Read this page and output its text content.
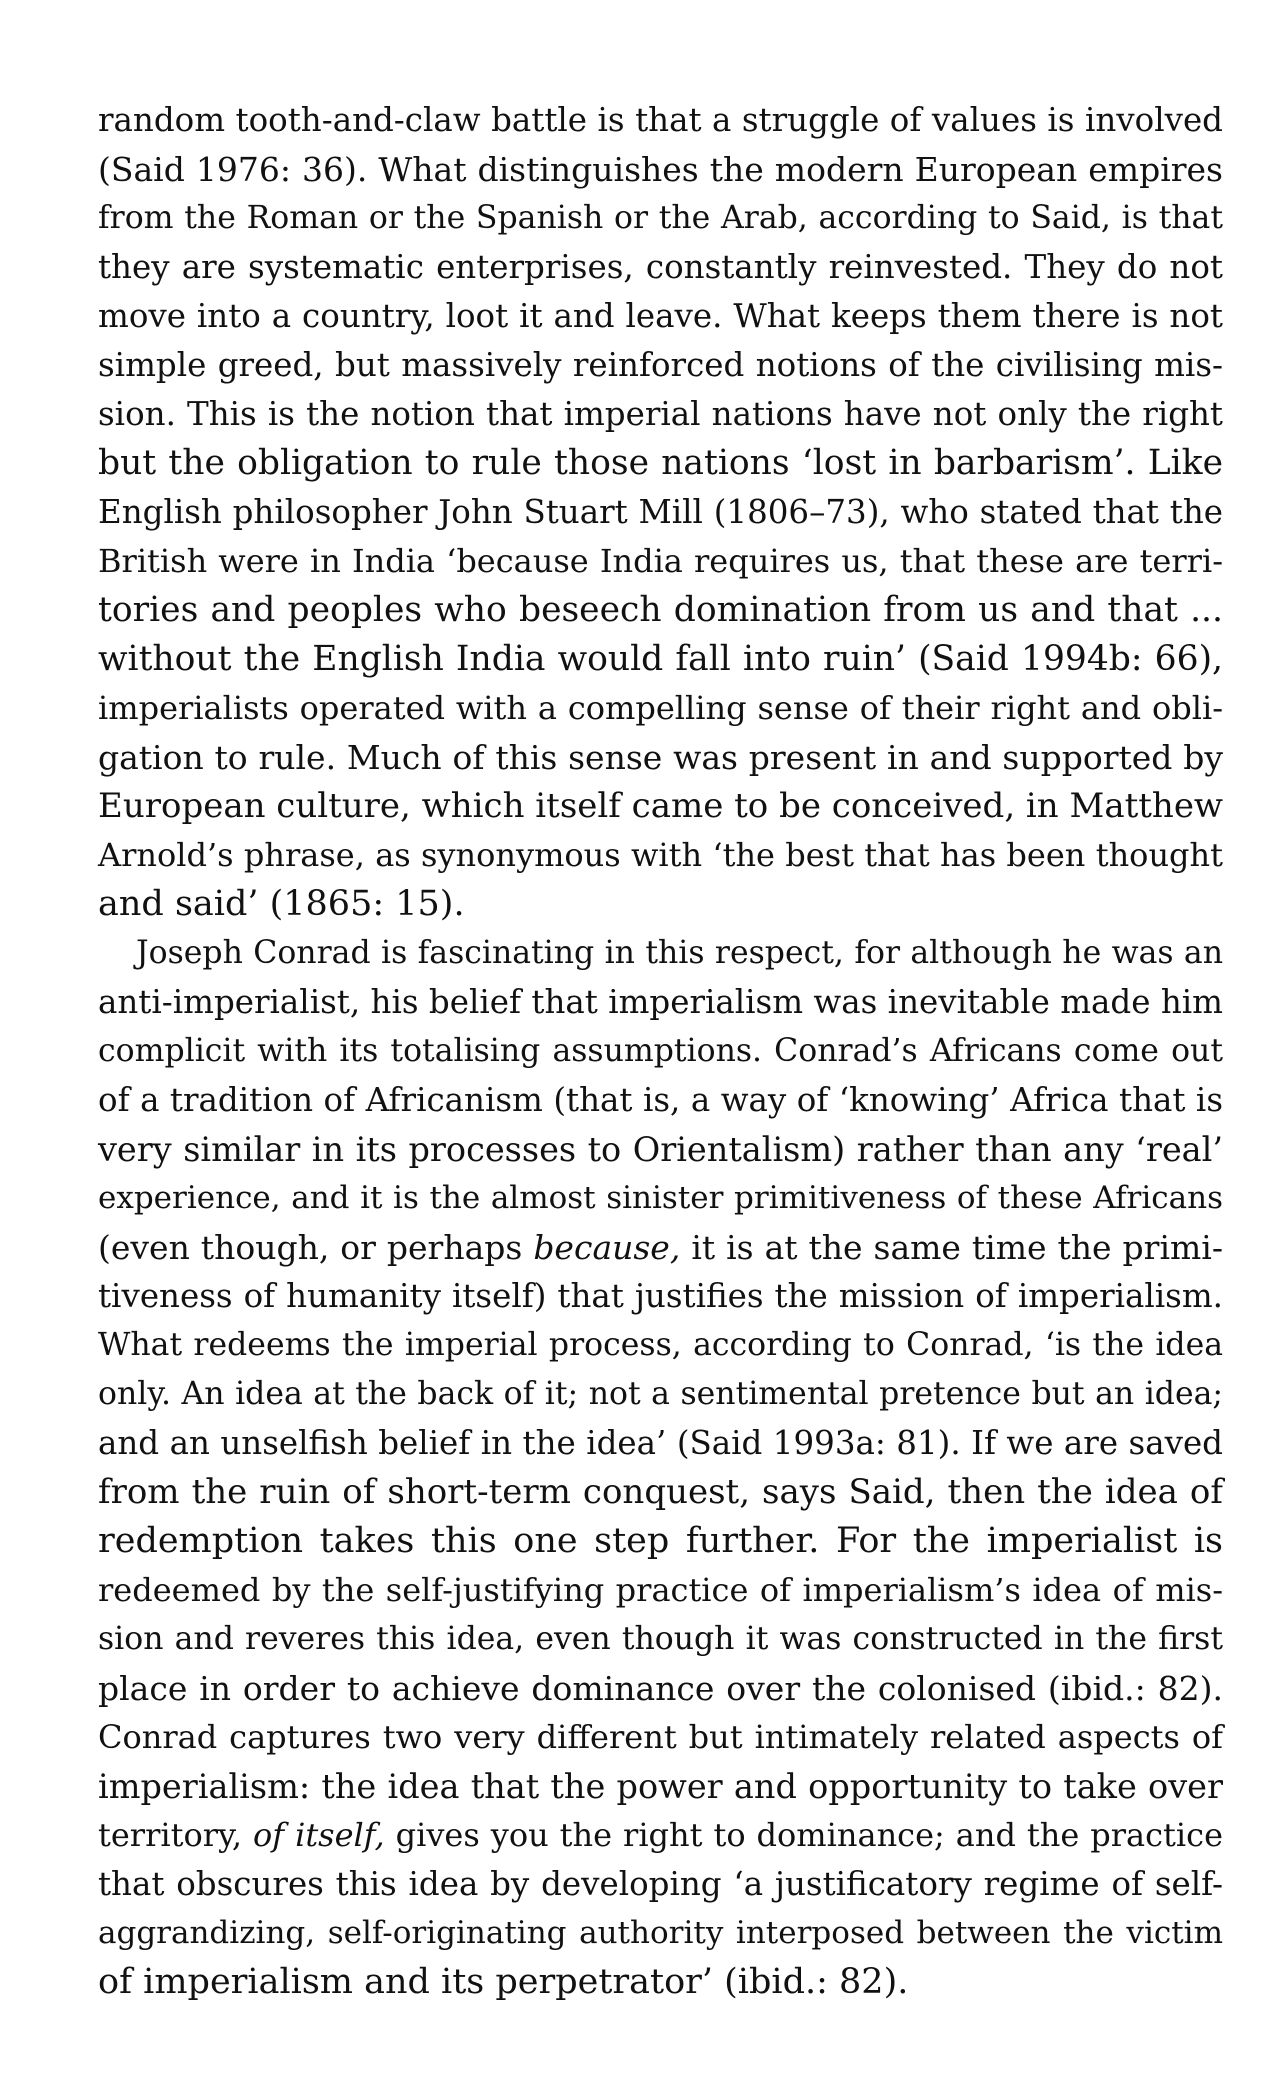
random tooth-and-claw battle is that a struggle of values is involved
(Said 1976: 36). What distinguishes the modern European empires
from the Roman or the Spanish or the Arab, according to Said, is that
they are systematic enterprises, constantly reinvested. They do not
move into a country, loot it and leave. What keeps them there is not
simple greed, but massively reinforced notions of the civilising mis-
sion. This is the notion that imperial nations have not only the right
but the obligation to rule those nations ‘lost in barbarism’. Like
English philosopher John Stuart Mill (1806–73), who stated that the
British were in India ‘because India requires us, that these are terri-
tories and peoples who beseech domination from us and that ...
without the English India would fall into ruin’ (Said 1994b: 66),
imperialists operated with a compelling sense of their right and obli-
gation to rule. Much of this sense was present in and supported by
European culture, which itself came to be conceived, in Matthew
Arnold’s phrase, as synonymous with ‘the best that has been thought
and said’ (1865: 15).
Joseph Conrad is fascinating in this respect, for although he was an
anti-imperialist, his belief that imperialism was inevitable made him
complicit with its totalising assumptions. Conrad’s Africans come out
of a tradition of Africanism (that is, a way of ‘knowing’ Africa that is
very similar in its processes to Orientalism) rather than any ‘real’
experience, and it is the almost sinister primitiveness of these Africans
(even though, or perhaps because, it is at the same time the primi-
tiveness of humanity itself) that justifies the mission of imperialism.
What redeems the imperial process, according to Conrad, ‘is the idea
only. An idea at the back of it; not a sentimental pretence but an idea;
and an unselfish belief in the idea’ (Said 1993a: 81). If we are saved
from the ruin of short-term conquest, says Said, then the idea of
redemption takes this one step further. For the imperialist is
redeemed by the self-justifying practice of imperialism’s idea of mis-
sion and reveres this idea, even though it was constructed in the first
place in order to achieve dominance over the colonised (ibid.: 82).
Conrad captures two very different but intimately related aspects of
imperialism: the idea that the power and opportunity to take over
territory, of itself, gives you the right to dominance; and the practice
that obscures this idea by developing ‘a justificatory regime of self-
aggrandizing, self-originating authority interposed between the victim
of imperialism and its perpetrator’ (ibid.: 82).
